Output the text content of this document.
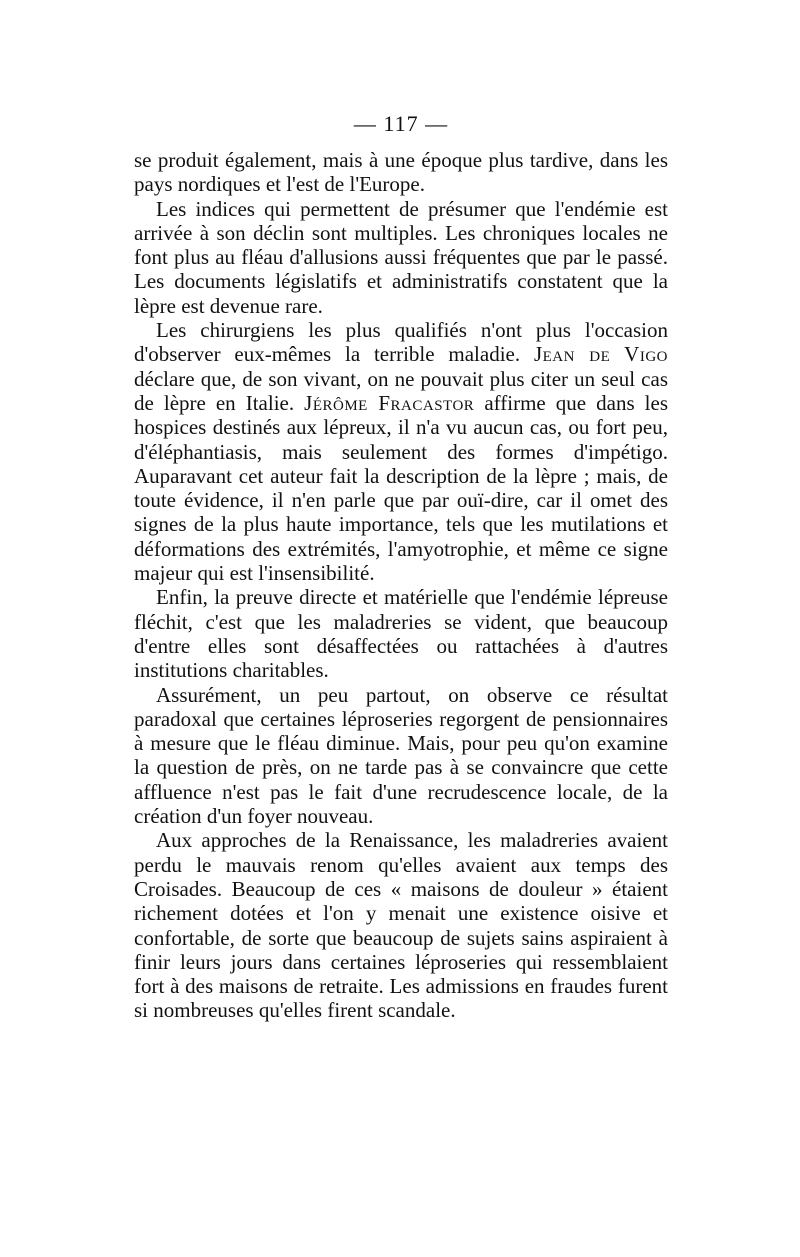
— 117 —

se produit également, mais à une époque plus tardive, dans les pays nordiques et l'est de l'Europe.

Les indices qui permettent de présumer que l'endémie est arrivée à son déclin sont multiples. Les chroniques locales ne font plus au fléau d'allusions aussi fréquentes que par le passé. Les documents législatifs et administratifs constatent que la lèpre est devenue rare.

Les chirurgiens les plus qualifiés n'ont plus l'occasion d'observer eux-mêmes la terrible maladie. Jean de Vigo déclare que, de son vivant, on ne pouvait plus citer un seul cas de lèpre en Italie. Jérôme Fracastor affirme que dans les hospices destinés aux lépreux, il n'a vu aucun cas, ou fort peu, d'éléphantiasis, mais seulement des formes d'impétigo. Auparavant cet auteur fait la description de la lèpre ; mais, de toute évidence, il n'en parle que par ouï-dire, car il omet des signes de la plus haute importance, tels que les mutilations et déformations des extrémités, l'amyotrophie, et même ce signe majeur qui est l'insensibilité.

Enfin, la preuve directe et matérielle que l'endémie lépreuse fléchit, c'est que les maladreries se vident, que beaucoup d'entre elles sont désaffectées ou rattachées à d'autres institutions charitables.

Assurément, un peu partout, on observe ce résultat paradoxal que certaines léproseries regorgent de pensionnaires à mesure que le fléau diminue. Mais, pour peu qu'on examine la question de près, on ne tarde pas à se convaincre que cette affluence n'est pas le fait d'une recrudescence locale, de la création d'un foyer nouveau.

Aux approches de la Renaissance, les maladreries avaient perdu le mauvais renom qu'elles avaient aux temps des Croisades. Beaucoup de ces « maisons de douleur » étaient richement dotées et l'on y menait une existence oisive et confortable, de sorte que beaucoup de sujets sains aspiraient à finir leurs jours dans certaines léproseries qui ressemblaient fort à des maisons de retraite. Les admissions en fraudes furent si nombreuses qu'elles firent scandale.
